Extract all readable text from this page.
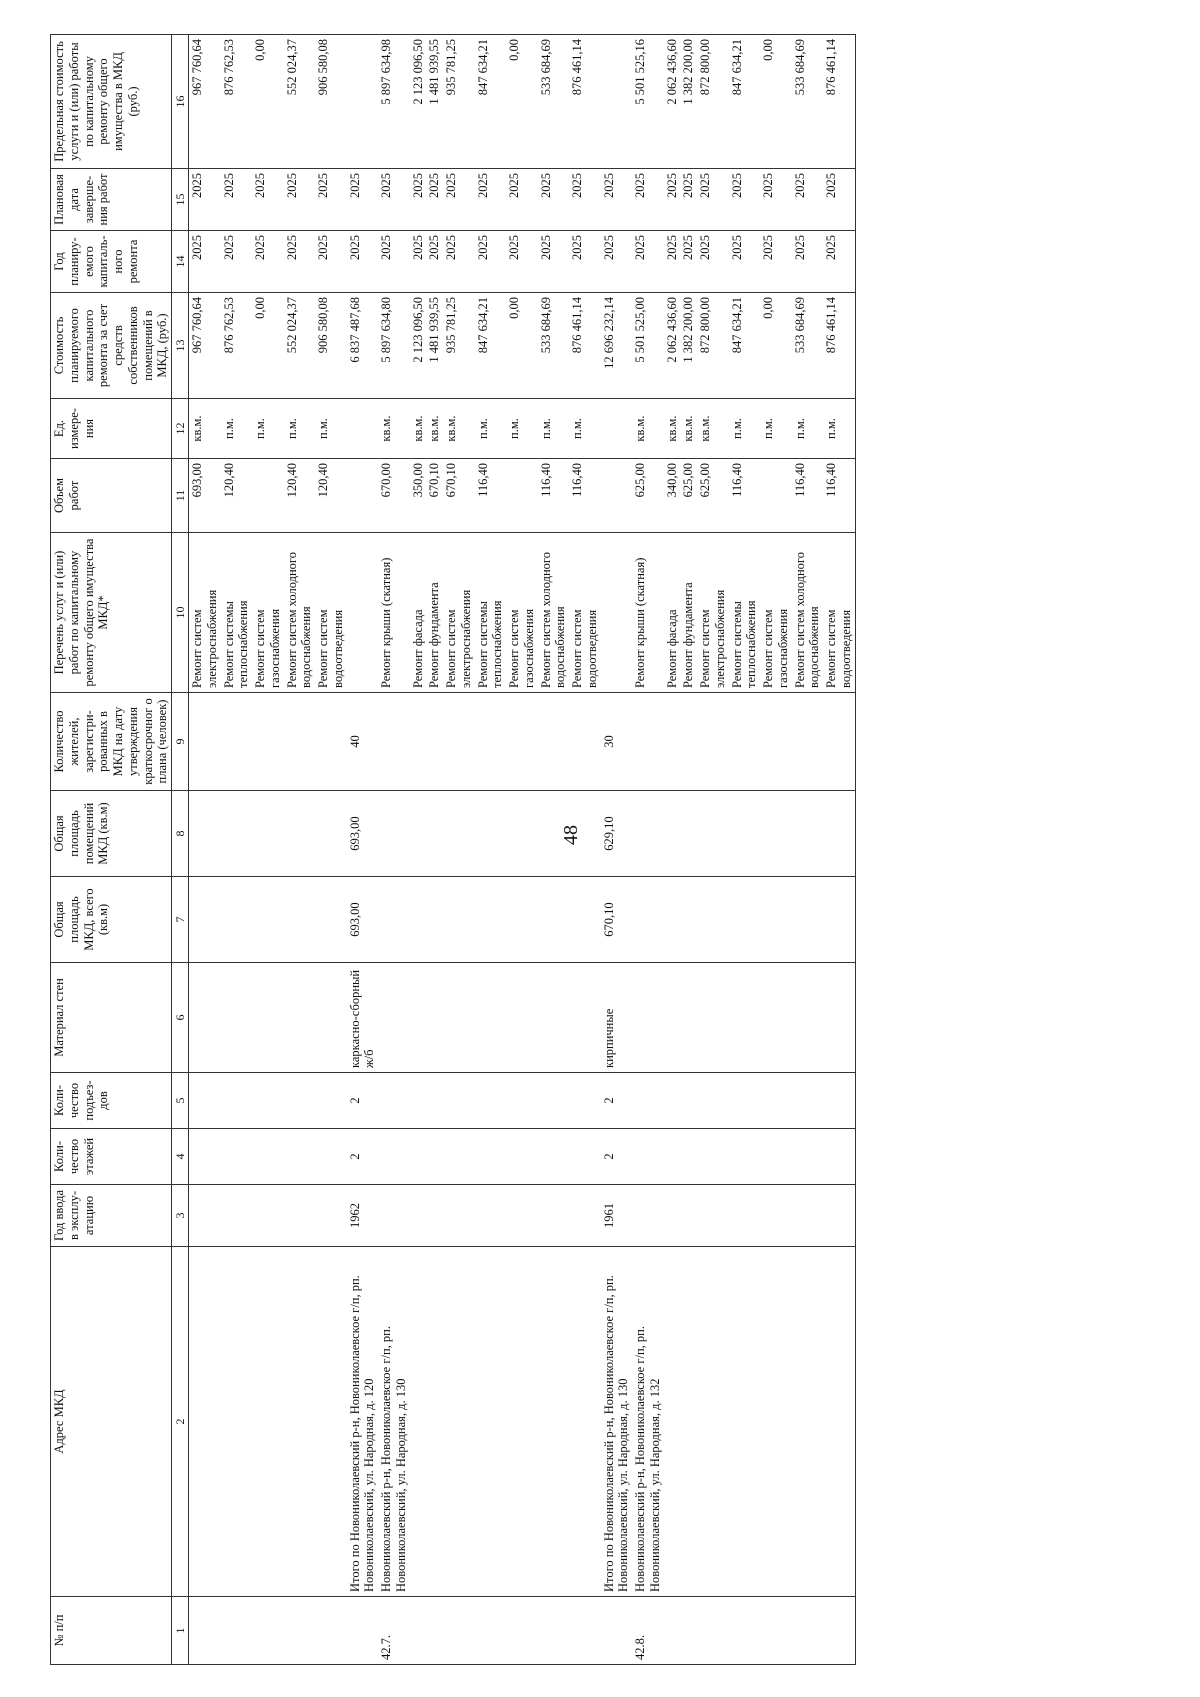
48
№ п/п	Адрес МКД	Год ввода в эксплу-атацию	Коли-чество этажей	Коли-чество подъез-дов	Материал стен	Общая площадь МКД, всего (кв.м)	Общая площадь помещений МКД (кв.м)	Количество жителей, зарегистри-рованных в МКД на дату утверждения краткосрочног о плана (человек)	Перечень услуг и (или) работ по капитальному ремонту общего имущества МКД*	Объем работ	Ед. измере-ния	Стоимость планируемого капитального ремонта за счет средств собственников помещений в МКД, (руб.)	Год планиру-емого капиталь-ного ремонта	Плановая дата заверше-ния работ	Предельная стоимость услуги и (или) работы по капитальному ремонту общего имущества в МКД (руб.)
1	2	3	4	5	6	7	8	9	10	11	12	13	14	15	16
									Ремонт систем электроснабжения	693,00	кв.м.	967 760,64	2025	2025	967 760,64
									Ремонт системы теплоснабжения	120,40	п.м.	876 762,53	2025	2025	876 762,53
									Ремонт систем газоснабжения		п.м.	0,00	2025	2025	0,00
									Ремонт систем холодного водоснабжения	120,40	п.м.	552 024,37	2025	2025	552 024,37
									Ремонт систем водоотведения	120,40	п.м.	906 580,08	2025	2025	906 580,08
	Итого по Новониколаевский р-н, Новониколаевское г/п, рп. Новониколаевский, ул. Народная, д. 120	1962	2	2	каркасно-сборный ж/б	693,00	693,00	40				6 837 487,68	2025	2025	
42.7.	Новониколаевский р-н, Новониколаевское г/п, рп. Новониколаевский, ул. Народная, д. 130								Ремонт крыши (скатная)	670,00	кв.м.	5 897 634,80	2025	2025	5 897 634,98
									Ремонт фасада	350,00	кв.м.	2 123 096,50	2025	2025	2 123 096,50
									Ремонт фундамента	670,10	кв.м.	1 481 939,55	2025	2025	1 481 939,55
									Ремонт систем электроснабжения	670,10	кв.м.	935 781,25	2025	2025	935 781,25
									Ремонт системы теплоснабжения	116,40	п.м.	847 634,21	2025	2025	847 634,21
									Ремонт систем газоснабжения		п.м.	0,00	2025	2025	0,00
									Ремонт систем холодного водоснабжения	116,40	п.м.	533 684,69	2025	2025	533 684,69
									Ремонт систем водоотведения	116,40	п.м.	876 461,14	2025	2025	876 461,14
	Итого по Новониколаевский р-н, Новониколаевское г/п, рп. Новониколаевский, ул. Народная, д. 130	1961	2	2	кирпичные	670,10	629,10	30				12 696 232,14	2025	2025	
42.8.	Новониколаевский р-н, Новониколаевское г/п, рп. Новониколаевский, ул. Народная, д. 132								Ремонт крыши (скатная)	625,00	кв.м.	5 501 525,00	2025	2025	5 501 525,16
									Ремонт фасада	340,00	кв.м.	2 062 436,60	2025	2025	2 062 436,60
									Ремонт фундамента	625,00	кв.м.	1 382 200,00	2025	2025	1 382 200,00
									Ремонт систем электроснабжения	625,00	кв.м.	872 800,00	2025	2025	872 800,00
									Ремонт системы теплоснабжения	116,40	п.м.	847 634,21	2025	2025	847 634,21
									Ремонт систем газоснабжения		п.м.	0,00	2025	2025	0,00
									Ремонт систем холодного водоснабжения	116,40	п.м.	533 684,69	2025	2025	533 684,69
									Ремонт систем водоотведения	116,40	п.м.	876 461,14	2025	2025	876 461,14
